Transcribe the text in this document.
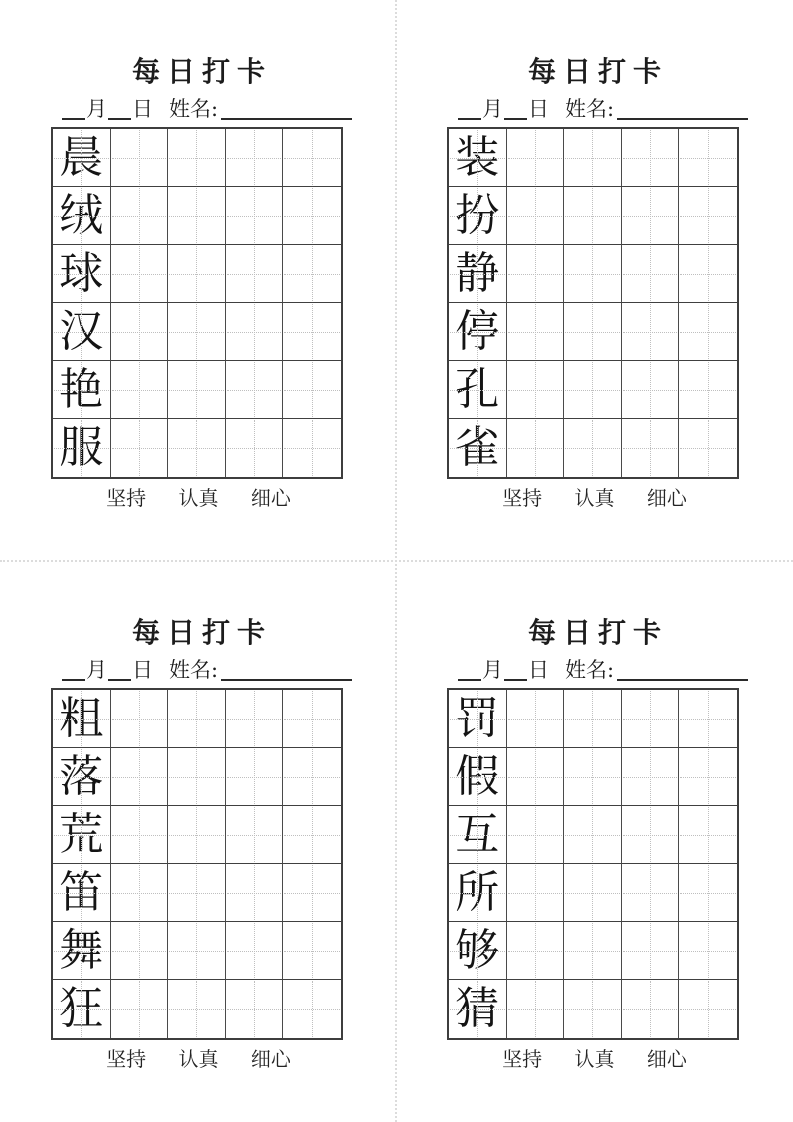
每日打卡
月 日 姓名:
晨
绒
球
汉
艳
服
坚持 认真 细心
每日打卡
月 日 姓名:
装
扮
静
停
孔
雀
坚持 认真 细心
每日打卡
月 日 姓名:
粗
落
荒
笛
舞
狂
坚持 认真 细心
每日打卡
月 日 姓名:
罚
假
互
所
够
猜
坚持 认真 细心
